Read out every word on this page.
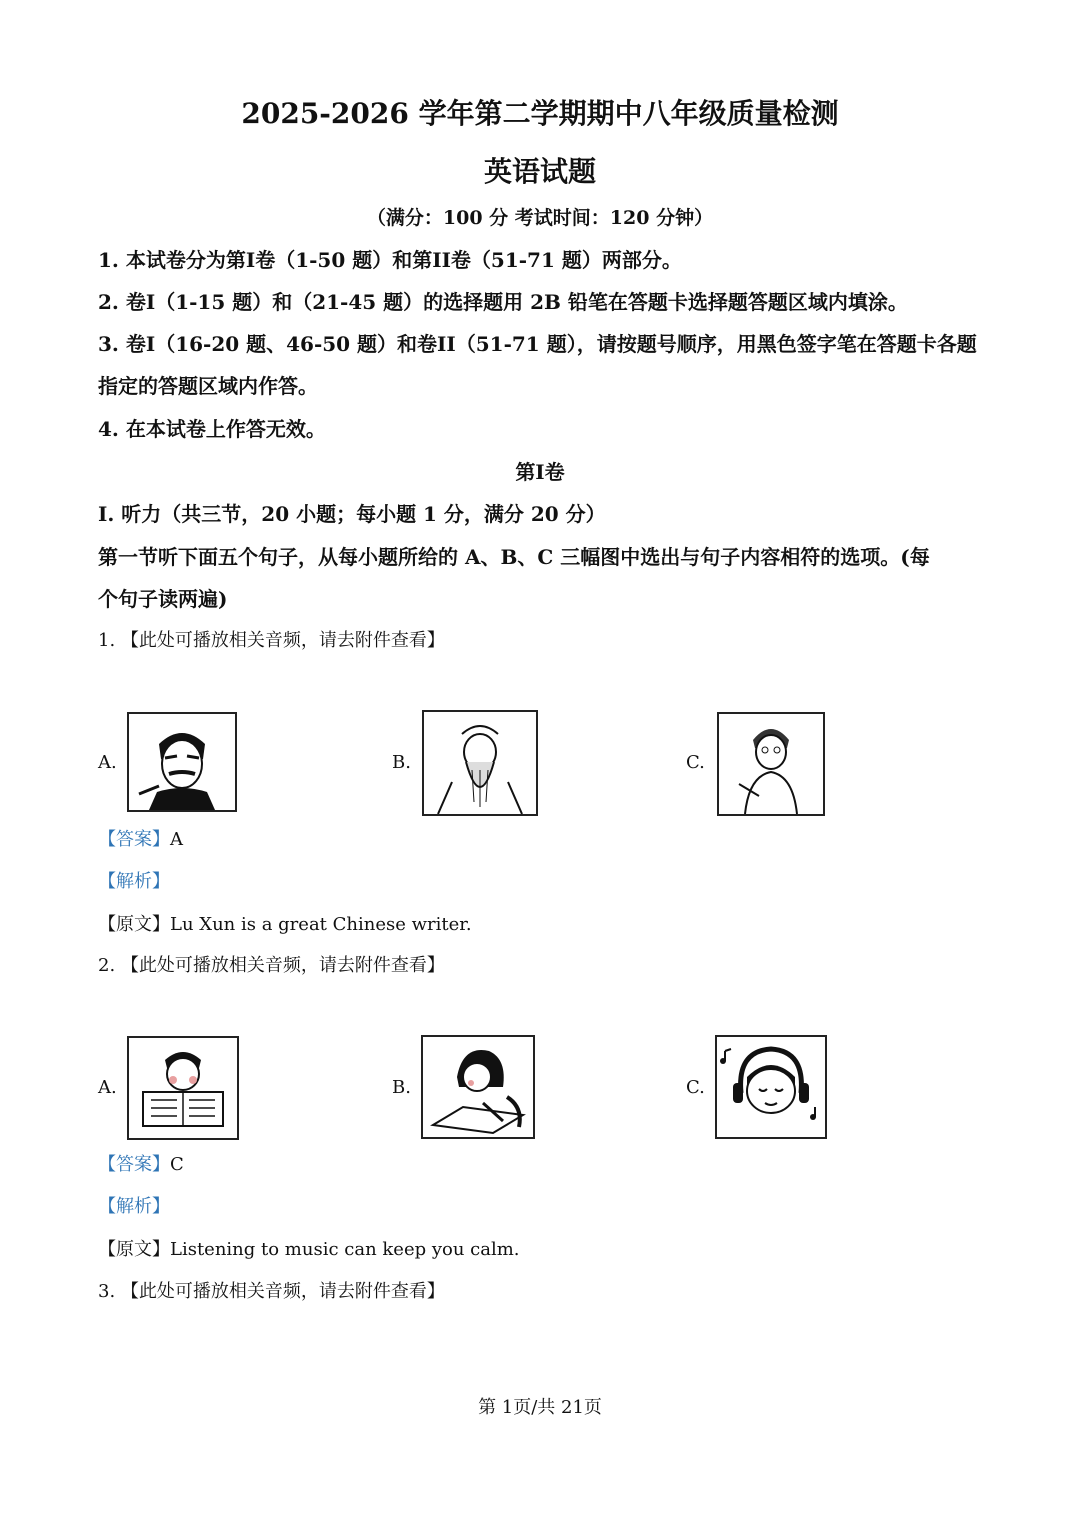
2025-2026 学年第二学期期中八年级质量检测
英语试题
（满分：100 分 考试时间：120 分钟）
1. 本试卷分为第I卷（1-50 题）和第II卷（51-71 题）两部分。
2. 卷I（1-15 题）和（21-45 题）的选择题用 2B 铅笔在答题卡选择题答题区域内填涂。
3. 卷I（16-20 题、46-50 题）和卷II（51-71 题），请按题号顺序，用黑色签字笔在答题卡各题
指定的答题区域内作答。
4. 在本试卷上作答无效。
第I卷
I. 听力（共三节，20 小题；每小题 1 分，满分 20 分）
第一节听下面五个句子，从每小题所给的 A、B、C 三幅图中选出与句子内容相符的选项。(每
个句子读两遍)
1. 【此处可播放相关音频，请去附件查看】
A.	B.	C.
【答案】A
【解析】
【原文】Lu Xun is a great Chinese writer.
2. 【此处可播放相关音频，请去附件查看】
A.	B.	C.
【答案】C
【解析】
【原文】Listening to music can keep you calm.
3. 【此处可播放相关音频，请去附件查看】
第 1页/共 21页
